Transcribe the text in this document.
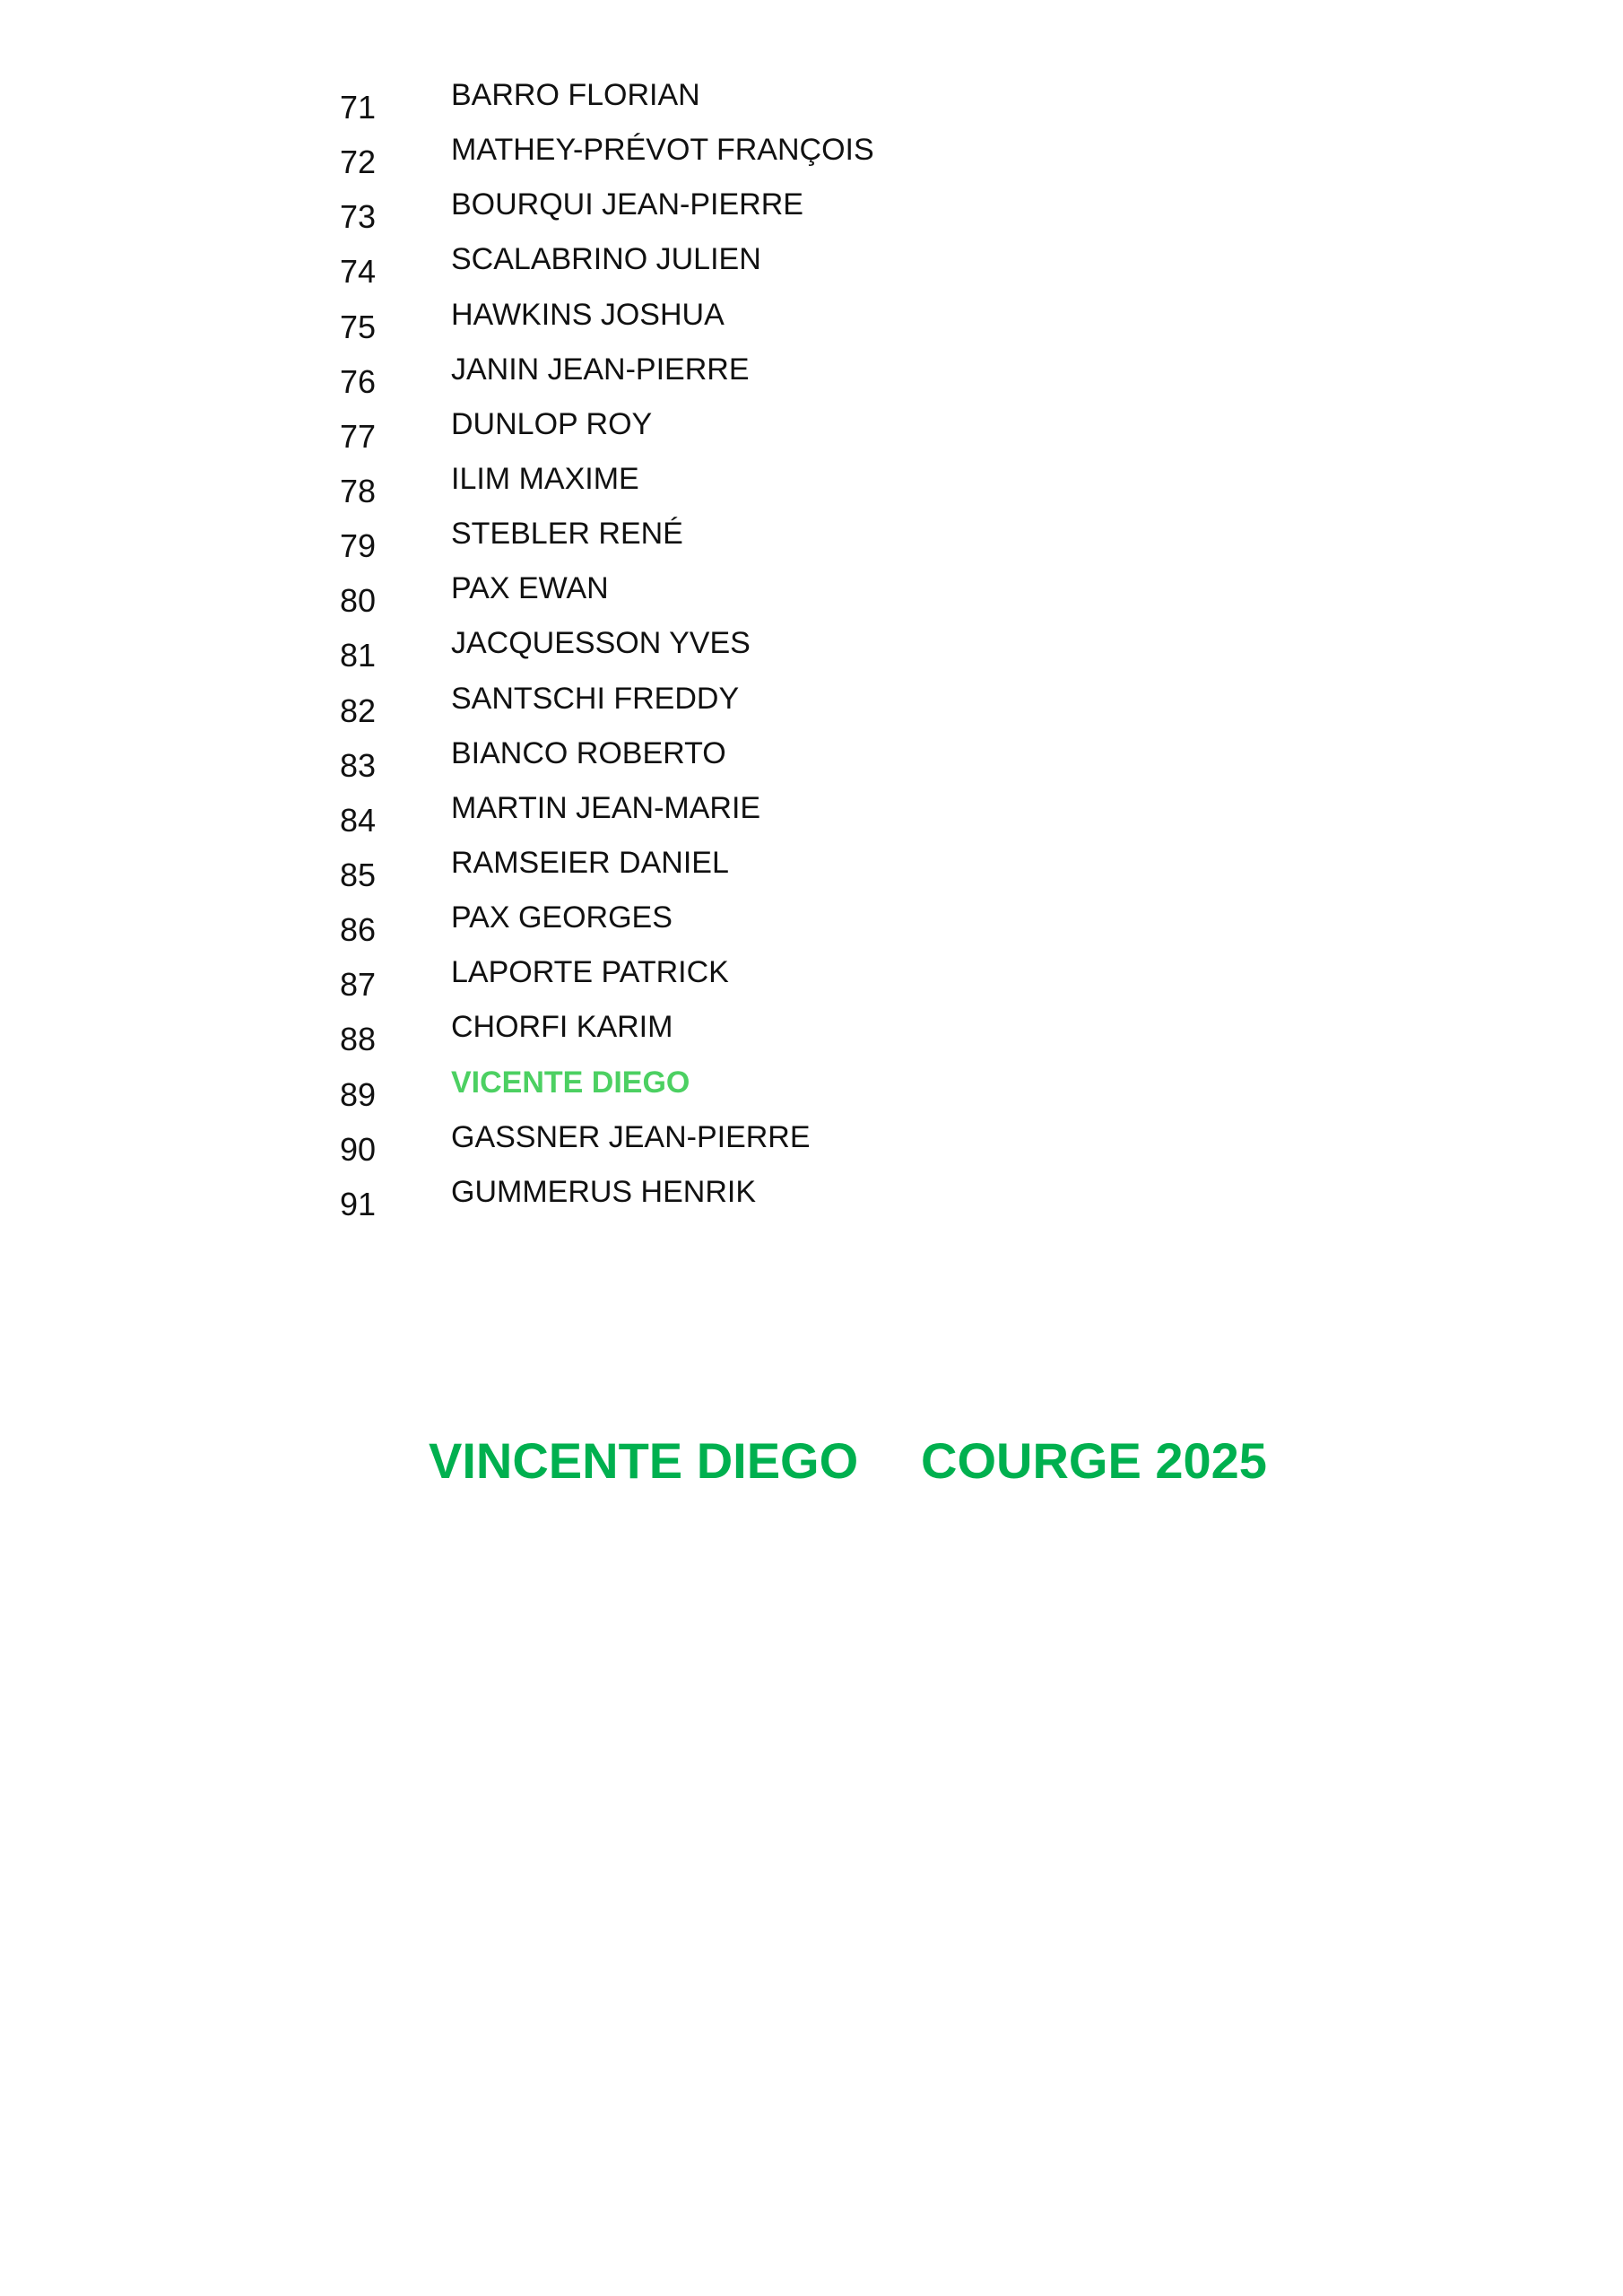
71 BARRO FLORIAN
72 MATHEY-PRÉVOT FRANÇOIS
73 BOURQUI JEAN-PIERRE
74 SCALABRINO JULIEN
75 HAWKINS JOSHUA
76 JANIN JEAN-PIERRE
77 DUNLOP ROY
78 ILIM MAXIME
79 STEBLER RENÉ
80 PAX EWAN
81 JACQUESSON YVES
82 SANTSCHI FREDDY
83 BIANCO ROBERTO
84 MARTIN JEAN-MARIE
85 RAMSEIER DANIEL
86 PAX GEORGES
87 LAPORTE PATRICK
88 CHORFI KARIM
89 VICENTE DIEGO
90 GASSNER JEAN-PIERRE
91 GUMMERUS HENRIK
VINCENTE DIEGO COURGE 2025
